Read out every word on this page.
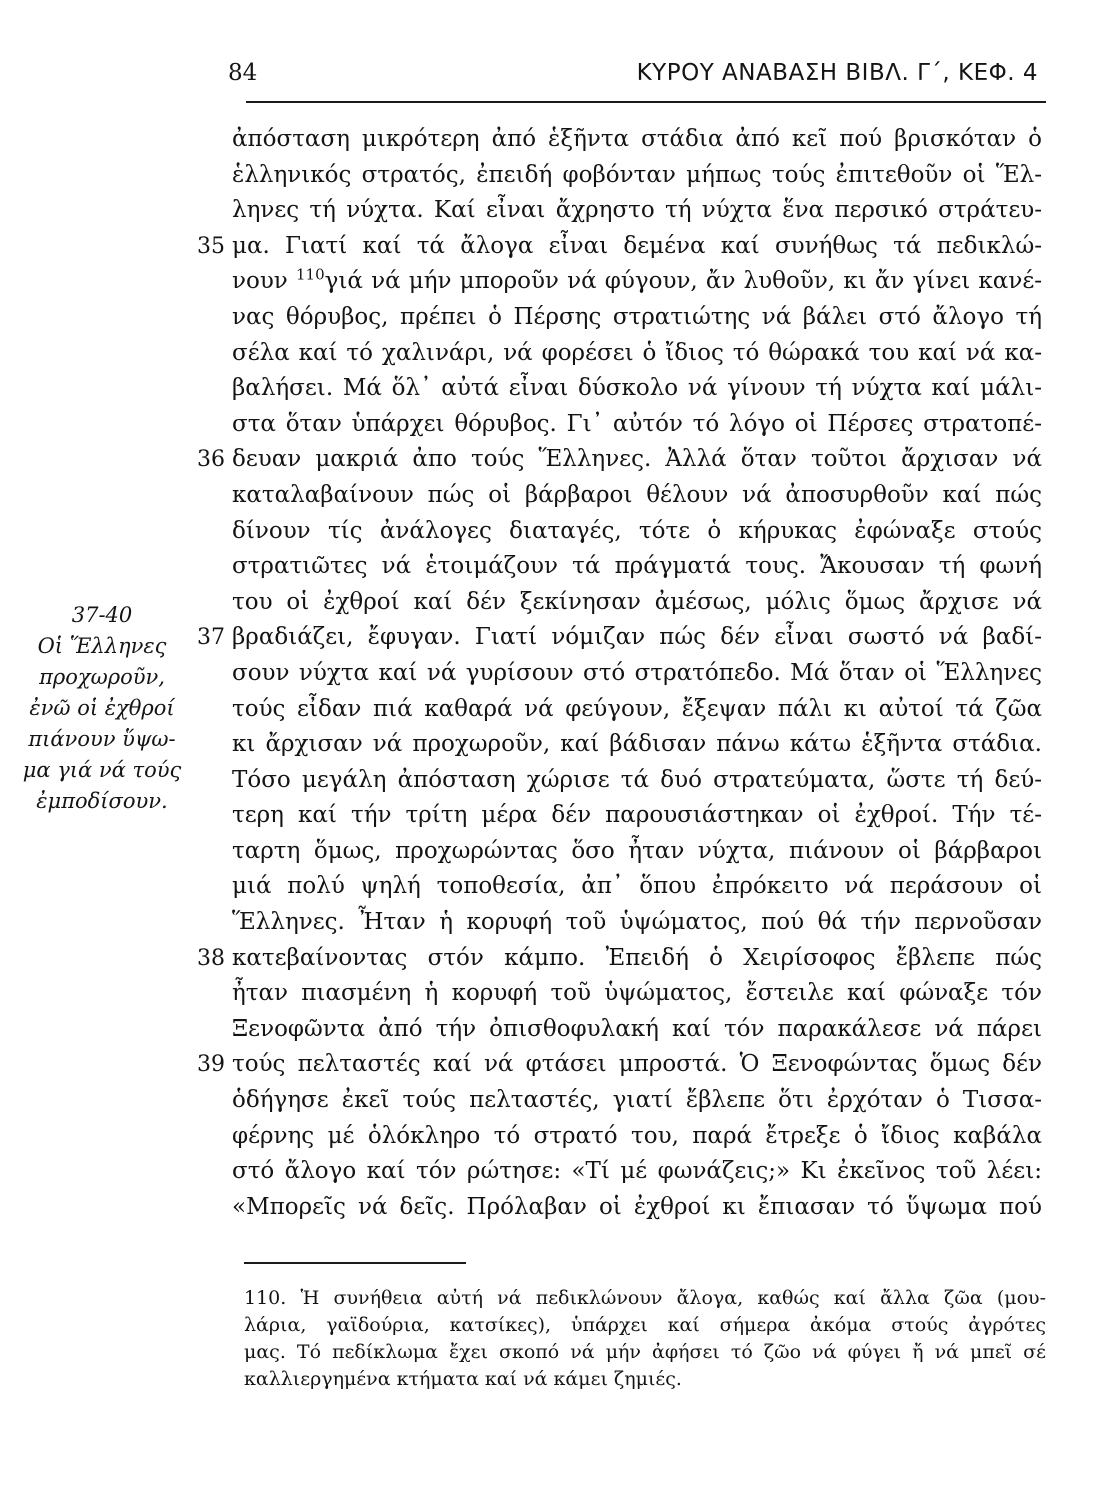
84	ΚΥΡΟΥ ΑΝΑΒΑΣΗ ΒΙΒΛ. Γ΄, ΚΕΦ. 4
37-40
Οἱ Ἕλληνες
προχωροῦν,
ἐνῶ οἱ ἐχθροί
πιάνουν ὕψω-
μα γιά νά τούς
ἐμποδίσουν.
ἀπόσταση μικρότερη ἀπό ἑξῆντα στάδια ἀπό κεῖ πού βρισκόταν ὁ
ἑλληνικός στρατός, ἐπειδή φοβόνταν μήπως τούς ἐπιτεθοῦν οἱ Ἕλ-
ληνες τή νύχτα. Καί εἶναι ἄχρηστο τή νύχτα ἕνα περσικό στράτευ-
35 μα. Γιατί καί τά ἄλογα εἶναι δεμένα καί συνήθως τά πεδικλώ-
νουν $^{110}$γιά νά μήν μποροῦν νά φύγουν, ἄν λυθοῦν, κι ἄν γίνει κανέ-
νας θόρυβος, πρέπει ὁ Πέρσης στρατιώτης νά βάλει στό ἄλογο τή
σέλα καί τό χαλινάρι, νά φορέσει ὁ ἴδιος τό θώρακά του καί νά κα-
βαλήσει. Μά ὅλ᾽ αὐτά εἶναι δύσκολο νά γίνουν τή νύχτα καί μάλι-
στα ὅταν ὑπάρχει θόρυβος. Γι᾽ αὐτόν τό λόγο οἱ Πέρσες στρατοπέ-
36 δευαν μακριά ἀπο τούς Ἕλληνες. Ἀλλά ὅταν τοῦτοι ἄρχισαν νά
καταλαβαίνουν πώς οἱ βάρβαροι θέλουν νά ἀποσυρθοῦν καί πώς
δίνουν τίς ἀνάλογες διαταγές, τότε ὁ κήρυκας ἐφώναξε στούς
στρατιῶτες νά ἑτοιμάζουν τά πράγματά τους. Ἄκουσαν τή φωνή
του οἱ ἐχθροί καί δέν ξεκίνησαν ἀμέσως, μόλις ὅμως ἄρχισε νά
37 βραδιάζει, ἔφυγαν. Γιατί νόμιζαν πώς δέν εἶναι σωστό νά βαδί-
σουν νύχτα καί νά γυρίσουν στό στρατόπεδο. Μά ὅταν οἱ Ἕλληνες
τούς εἶδαν πιά καθαρά νά φεύγουν, ἔξεψαν πάλι κι αὐτοί τά ζῶα
κι ἄρχισαν νά προχωροῦν, καί βάδισαν πάνω κάτω ἑξῆντα στάδια.
Τόσο μεγάλη ἀπόσταση χώρισε τά δυό στρατεύματα, ὥστε τή δεύ-
τερη καί τήν τρίτη μέρα δέν παρουσιάστηκαν οἱ ἐχθροί. Τήν τέ-
ταρτη ὅμως, προχωρώντας ὅσο ἦταν νύχτα, πιάνουν οἱ βάρβαροι
μιά πολύ ψηλή τοποθεσία, ἀπ᾽ ὅπου ἐπρόκειτο νά περάσουν οἱ
Ἕλληνες. Ἦταν ἡ κορυφή τοῦ ὑψώματος, πού θά τήν περνοῦσαν
38 κατεβαίνοντας στόν κάμπο. Ἐπειδή ὁ Χειρίσοφος ἔβλεπε πώς
ἦταν πιασμένη ἡ κορυφή τοῦ ὑψώματος, ἔστειλε καί φώναξε τόν
Ξενοφῶντα ἀπό τήν ὀπισθοφυλακή καί τόν παρακάλεσε νά πάρει
39 τούς πελταστές καί νά φτάσει μπροστά. Ὁ Ξενοφώντας ὅμως δέν
ὁδήγησε ἐκεῖ τούς πελταστές, γιατί ἔβλεπε ὅτι ἐρχόταν ὁ Τισσα-
φέρνης μέ ὁλόκληρο τό στρατό του, παρά ἔτρεξε ὁ ἴδιος καβάλα
στό ἄλογο καί τόν ρώτησε: «Τί μέ φωνάζεις;» Κι ἐκεῖνος τοῦ λέει:
«Μπορεῖς νά δεῖς. Πρόλαβαν οἱ ἐχθροί κι ἔπιασαν τό ὕψωμα πού
110. Ἡ συνήθεια αὐτή νά πεδικλώνουν ἄλογα, καθώς καί ἄλλα ζῶα (μου-
λάρια, γαϊδούρια, κατσίκες), ὑπάρχει καί σήμερα ἀκόμα στούς ἀγρότες
μας. Τό πεδίκλωμα ἔχει σκοπό νά μήν ἀφήσει τό ζῶο νά φύγει ἤ νά μπεῖ σέ
καλλιεργημένα κτήματα καί νά κάμει ζημιές.
